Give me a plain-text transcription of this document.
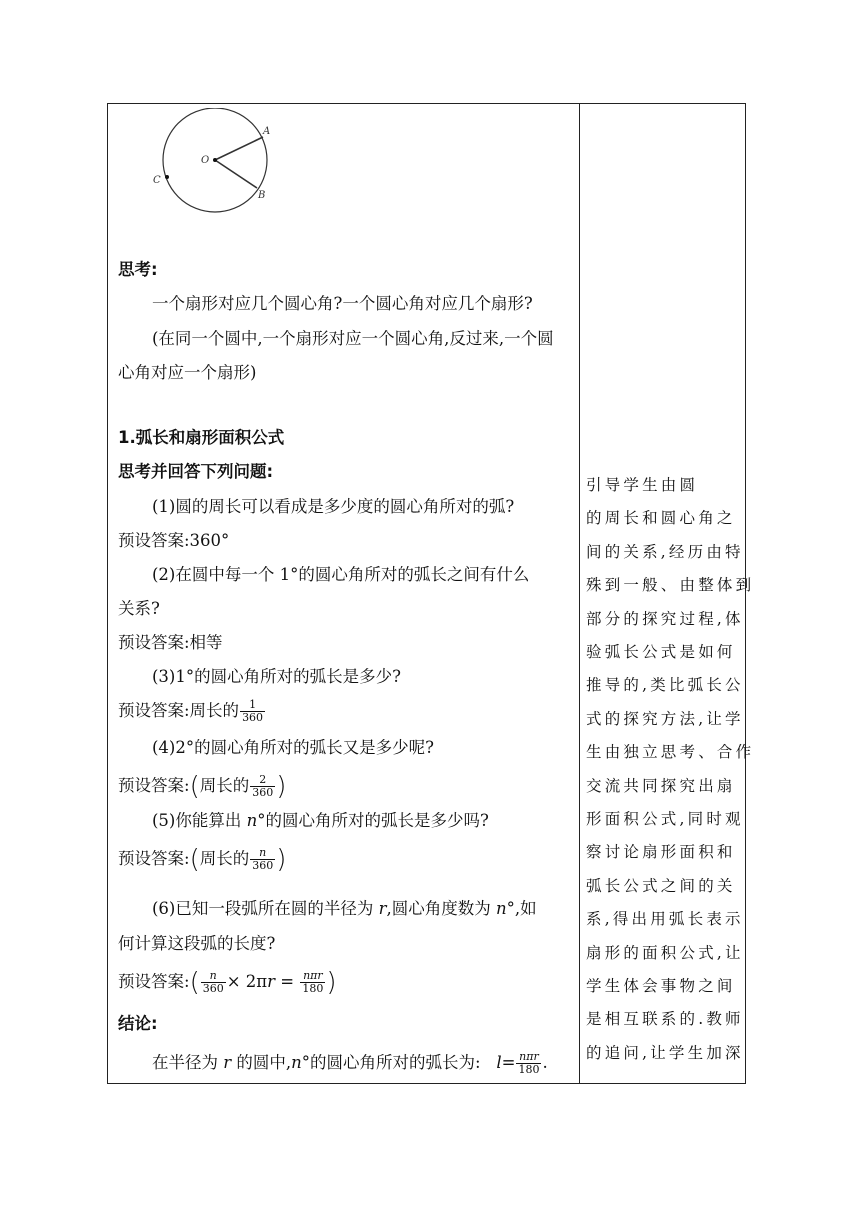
A
B
C
O
思考:
一个扇形对应几个圆心角?一个圆心角对应几个扇形?
(在同一个圆中,一个扇形对应一个圆心角,反过来,一个圆
心角对应一个扇形)
1.弧长和扇形面积公式
思考并回答下列问题:
(1)圆的周长可以看成是多少度的圆心角所对的弧?
预设答案:360°
(2)在圆中每一个 1°的圆心角所对的弧长之间有什么
关系?
预设答案:相等
(3)1°的圆心角所对的弧长是多少?
预设答案:周长的 $\frac{1}{360}$
(4)2°的圆心角所对的弧长又是多少呢?
预设答案:(周长的 $\frac{2}{360}$ )
(5)你能算出 n°的圆心角所对的弧长是多少吗?
预设答案:(周长的 $\frac{n}{360}$ )
(6)已知一段弧所在圆的半径为 r,圆心角度数为 n°,如
何计算这段弧的长度?
预设答案:( $\frac{n}{360} \times 2\pi r = \frac{\text{nπr}}{180}$ )
结论:
在半径为 r 的圆中,n°的圆心角所对的弧长为: $l= \frac{\text{nπr}}{180}$ .
引导学生由圆
的周长和圆心角之
间的关系,经历由特
殊到一般、由整体到
部分的探究过程,体
验弧长公式是如何
推导的,类比弧长公
式的探究方法,让学
生由独立思考、合作
交流共同探究出扇
形面积公式,同时观
察讨论扇形面积和
弧长公式之间的关
系,得出用弧长表示
扇形的面积公式,让
学生体会事物之间
是相互联系的.教师
的追问,让学生加深
